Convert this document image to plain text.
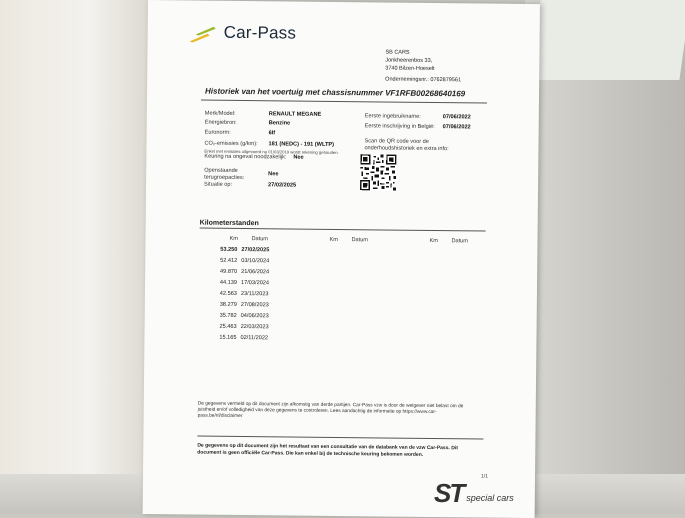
Car-Pass
SB CARS
Jonkheerenbos 33,
3740 Bilzen-Hoeselt
Ondernemingsnr.: 0762879561
Historiek van het voertuig met chassisnummer VF1RFB00268640169
Merk/Model:	RENAULT MEGANE
Energiebron:	Benzine
Euronorm:	6If
CO₂-emissies (g/km): 181 (NEDC) - 191 (WLTP)
Enkel met emissies uitgevoerd na 01/03/2019 wordt rekening gehouden.
Keuring na ongeval noodzakelijk: Nee
Openstaande
terugroepacties:
Nee
Situatie op:	27/02/2025
Eerste ingebruikname:	07/06/2022
Eerste inschrijving in België: 07/06/2022
Scan de QR code voor de onderhoudshistoriek en extra info:
Kilometerstanden
Km Datum	Km Datum	Km Datum
53.250 27/02/2025
52.412 03/10/2024
49.870 21/06/2024
44.139 17/03/2024
42.563 23/11/2023
38.279 27/08/2023
35.782 04/06/2023
25.463 22/03/2023
15.165 02/11/2022
De gegevens vermeld op dit document zijn afkomstig van derde partijen. Car-Pass vzw is door de wetgever niet belast om de juistheid en/of volledigheid van deze gegevens te controleren. Lees aandachtig de informatie op https://www.car-pass.be/nl/disclaimer
De gegevens op dit document zijn het resultaat van een consultatie van de databank van de vzw Car-Pass. Dit document is geen officiële Car-Pass. Die kan enkel bij de technische keuring bekomen worden.
1/1
ST special cars
